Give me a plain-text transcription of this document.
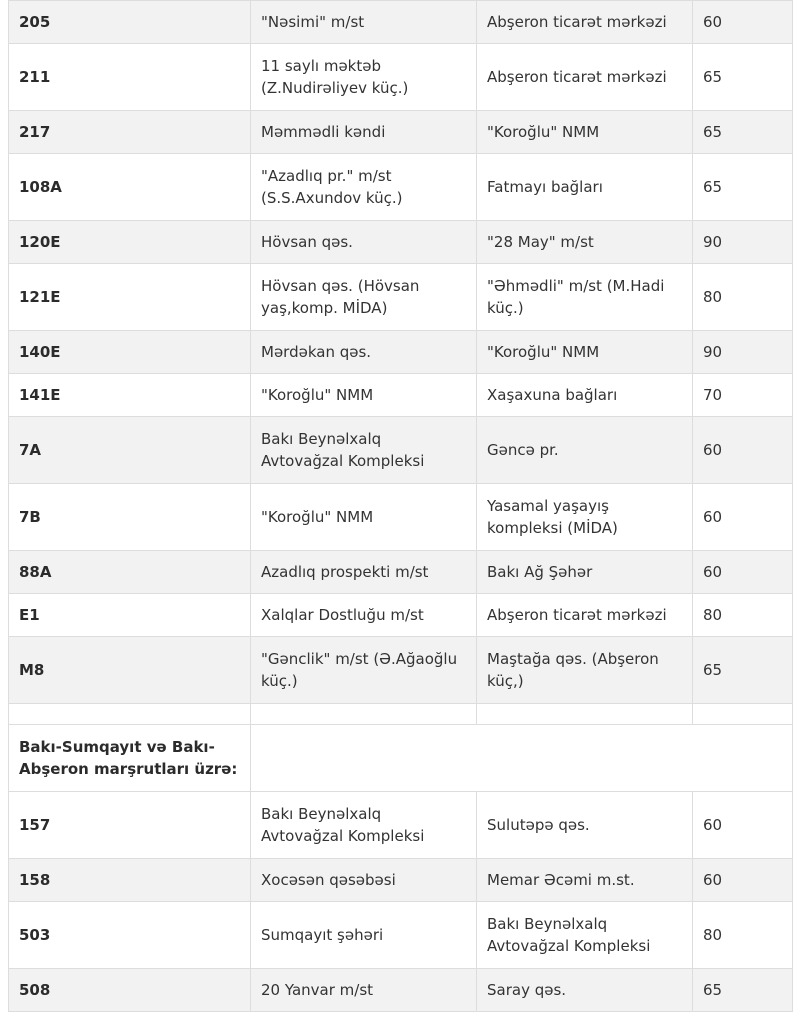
205	"Nəsimi" m/st	Abşeron ticarət mərkəzi	60
211	11 saylı məktəb (Z.Nudirəliyev küç.)	Abşeron ticarət mərkəzi	65
217	Məmmədli kəndi	"Koroğlu" NMM	65
108A	"Azadlıq pr." m/st (S.S.Axundov küç.)	Fatmayı bağları	65
120E	Hövsan qəs.	"28 May" m/st	90
121E	Hövsan qəs. (Hövsan yaş,komp. MİDA)	"Əhmədli" m/st (M.Hadi küç.)	80
140E	Mərdəkan qəs.	"Koroğlu" NMM	90
141E	"Koroğlu" NMM	Xaşaxuna bağları	70
7A	Bakı Beynəlxalq Avtovağzal Kompleksi	Gəncə pr.	60
7B	"Koroğlu" NMM	Yasamal yaşayış kompleksi (MİDA)	60
88A	Azadlıq prospekti m/st	Bakı Ağ Şəhər	60
E1	Xalqlar Dostluğu m/st	Abşeron ticarət mərkəzi	80
M8	"Gənclik" m/st (Ə.Ağaoğlu küç.)	Maştağa qəs. (Abşeron küç,)	65

Bakı-Sumqayıt və Bakı-Abşeron marşrutları üzrə:			
157	Bakı Beynəlxalq Avtovağzal Kompleksi	Sulutəpə qəs.	60
158	Xocəsən qəsəbəsi	Memar Əcəmi m.st.	60
503	Sumqayıt şəhəri	Bakı Beynəlxalq Avtovağzal Kompleksi	80
508	20 Yanvar m/st	Saray qəs.	65
